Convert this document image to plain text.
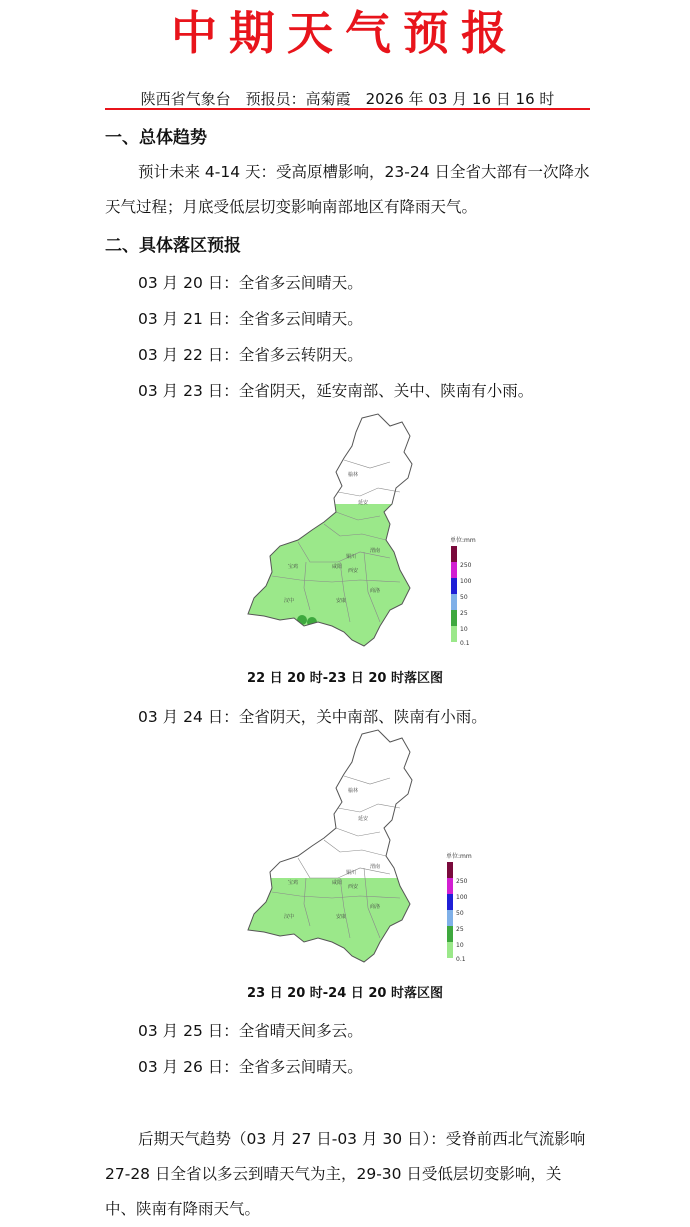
中期天气预报
陕西省气象台　预报员：高菊霞　2026 年 03 月 16 日 16 时
一、总体趋势
预计未来 4-14 天：受高原槽影响，23-24 日全省大部有一次降水天气过程；月底受低层切变影响南部地区有降雨天气。
二、具体落区预报
03 月 20 日：全省多云间晴天。
03 月 21 日：全省多云间晴天。
03 月 22 日：全省多云转阴天。
03 月 23 日：全省阴天，延安南部、关中、陕南有小雨。
榆林
延安
渭南
铜川
宝鸡	咸阳
西安
汉中	安康
商洛
单位:mm
250
100
50
25
10
0.1
22 日 20 时-23 日 20 时落区图
03 月 24 日：全省阴天，关中南部、陕南有小雨。
榆林
延安
渭南
铜川
宝鸡	咸阳
西安
汉中	安康
商洛
单位:mm
250
100
50
25
10
0.1
23 日 20 时-24 日 20 时落区图
03 月 25 日：全省晴天间多云。
03 月 26 日：全省多云间晴天。
后期天气趋势（03 月 27 日-03 月 30 日）：受脊前西北气流影响 27-28 日全省以多云到晴天气为主，29-30 日受低层切变影响，关中、陕南有降雨天气。
